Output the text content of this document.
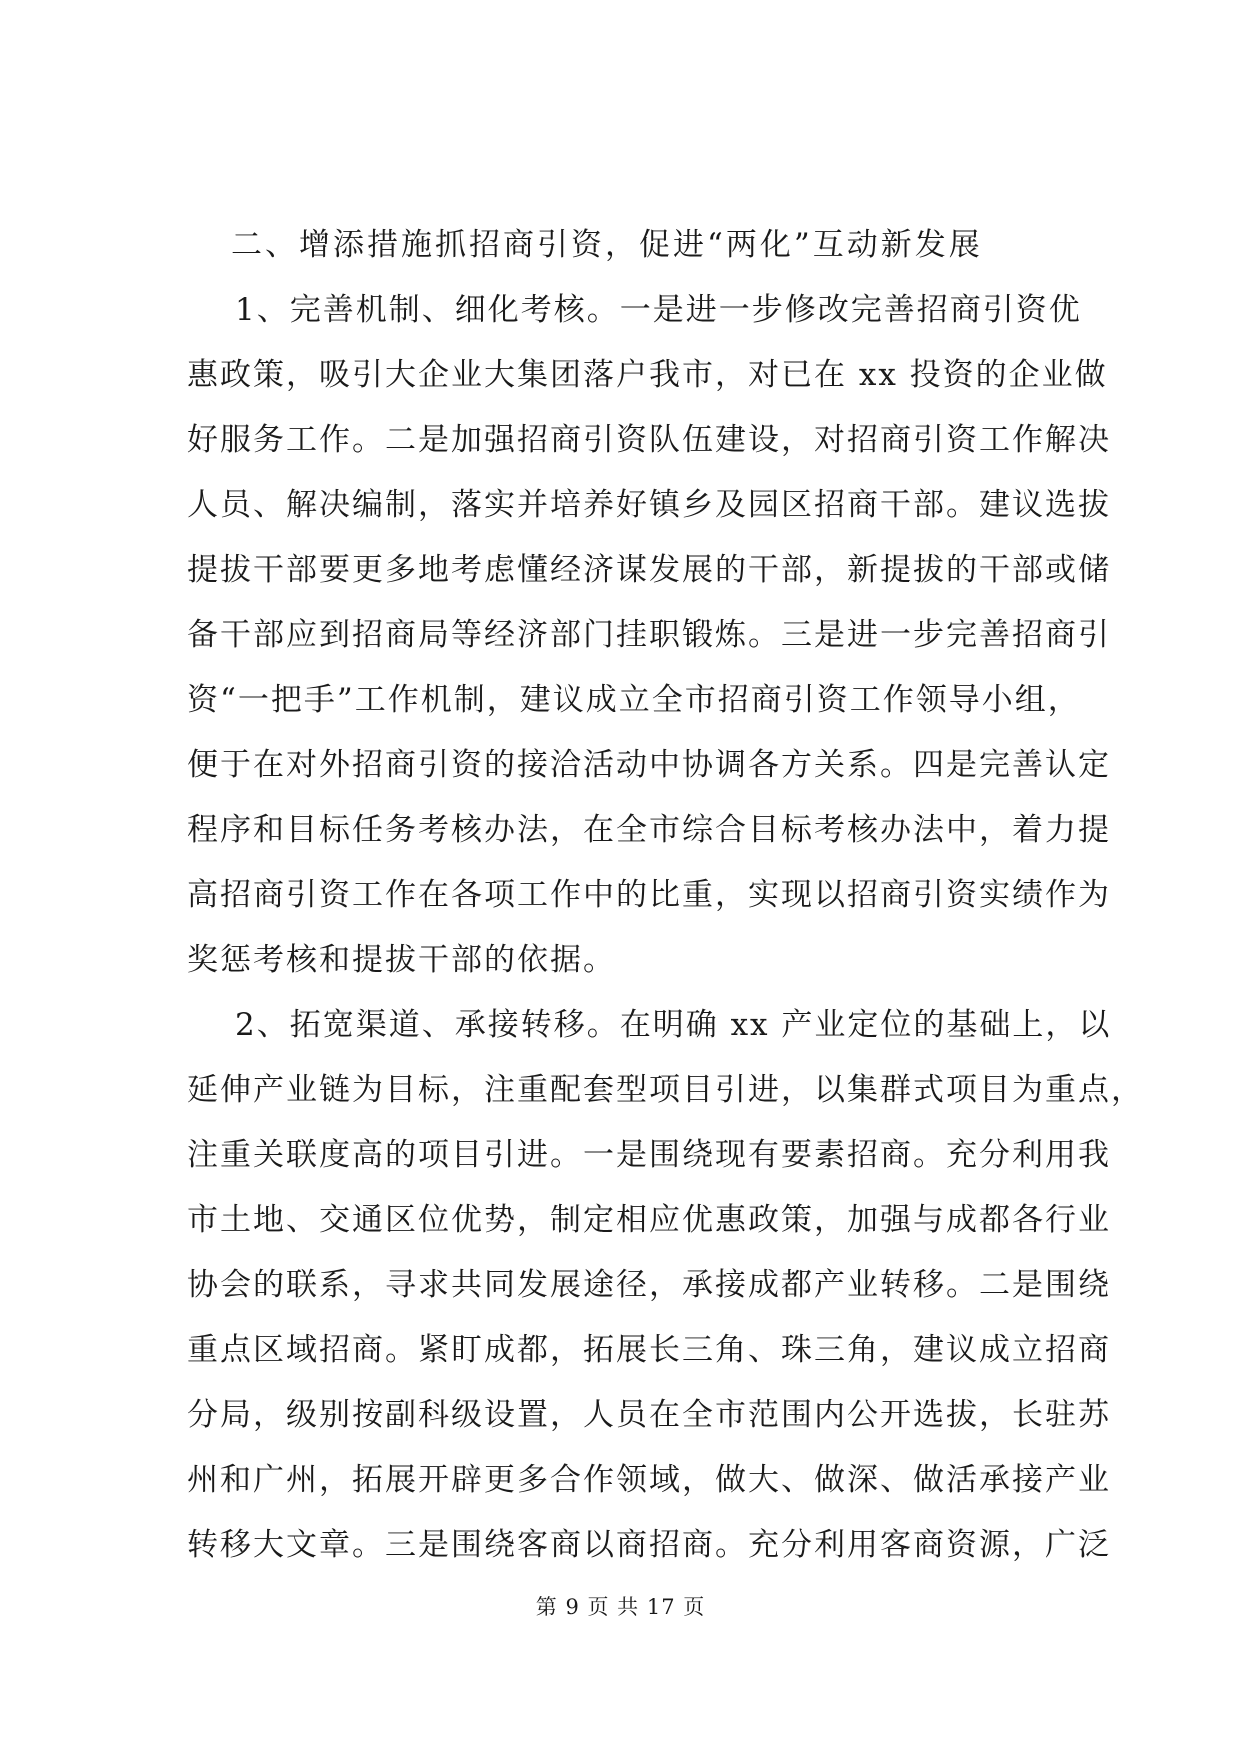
二、增添措施抓招商引资，促进“两化”互动新发展

1、完善机制、细化考核。一是进一步修改完善招商引资优
惠政策，吸引大企业大集团落户我市，对已在 xx 投资的企业做
好服务工作。二是加强招商引资队伍建设，对招商引资工作解决
人员、解决编制，落实并培养好镇乡及园区招商干部。建议选拔
提拔干部要更多地考虑懂经济谋发展的干部，新提拔的干部或储
备干部应到招商局等经济部门挂职锻炼。三是进一步完善招商引
资“一把手”工作机制，建议成立全市招商引资工作领导小组，
便于在对外招商引资的接洽活动中协调各方关系。四是完善认定
程序和目标任务考核办法，在全市综合目标考核办法中，着力提
高招商引资工作在各项工作中的比重，实现以招商引资实绩作为
奖惩考核和提拔干部的依据。
2、拓宽渠道、承接转移。在明确 xx 产业定位的基础上，以
延伸产业链为目标，注重配套型项目引进，以集群式项目为重点，
注重关联度高的项目引进。一是围绕现有要素招商。充分利用我
市土地、交通区位优势，制定相应优惠政策，加强与成都各行业
协会的联系，寻求共同发展途径，承接成都产业转移。二是围绕
重点区域招商。紧盯成都，拓展长三角、珠三角，建议成立招商
分局，级别按副科级设置，人员在全市范围内公开选拔，长驻苏
州和广州，拓展开辟更多合作领域，做大、做深、做活承接产业
转移大文章。三是围绕客商以商招商。充分利用客商资源，广泛
第 9 页 共 17 页
